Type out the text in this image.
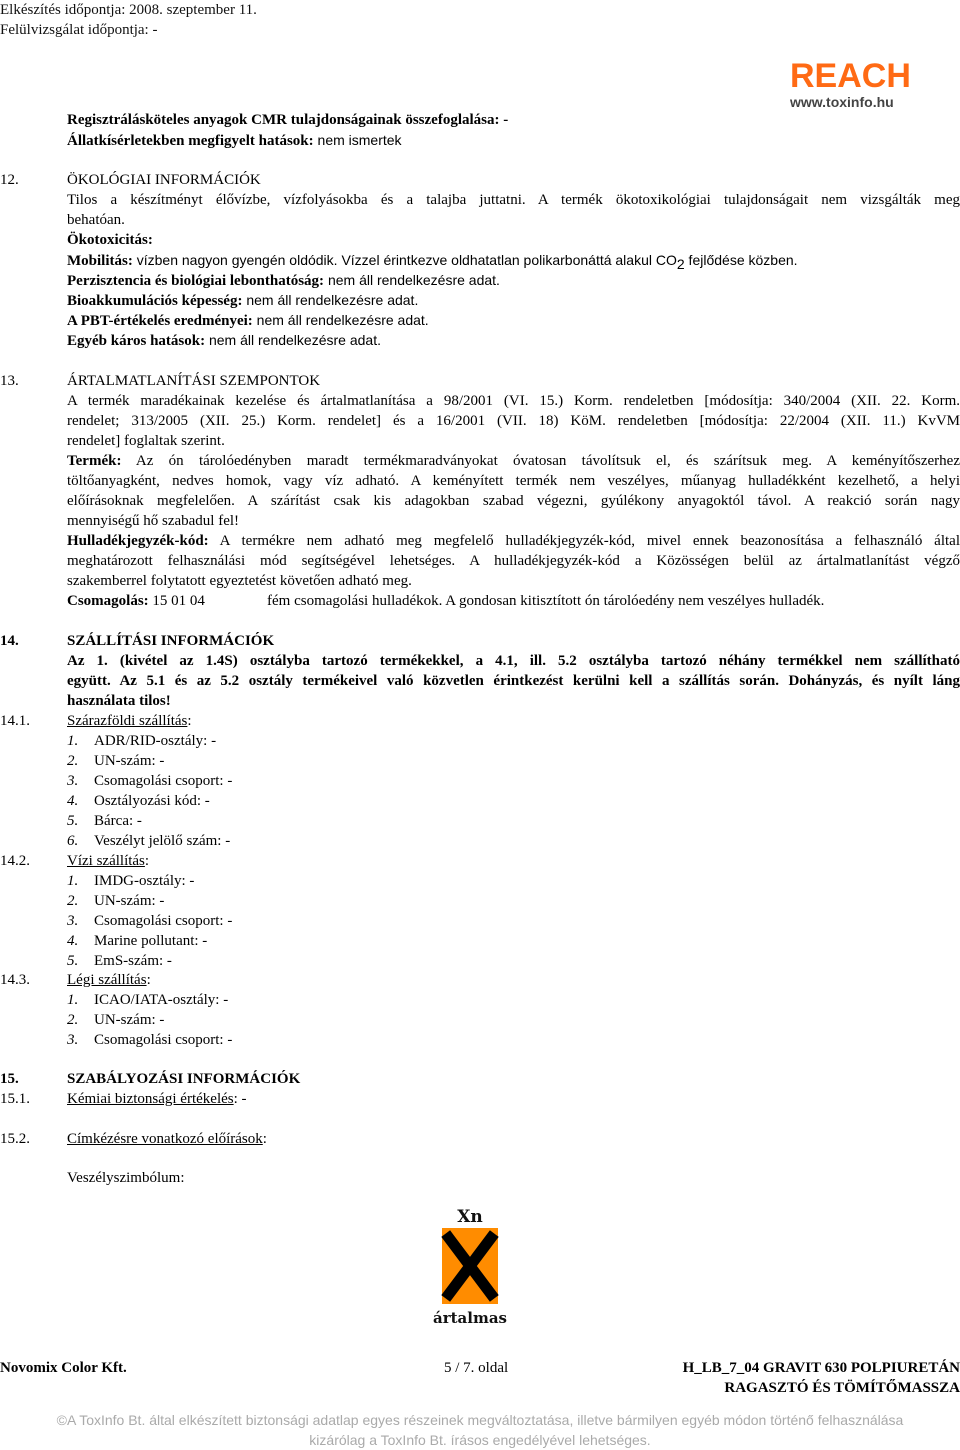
Elkészítés időpontja: 2008. szeptember 11.
Felülvizsgálat időpontja: -
REACH
www.toxinfo.hu
Regisztrálásköteles anyagok CMR tulajdonságainak összefoglalása: -
Állatkísérletekben megfigyelt hatások: nem ismertek
12.	ÖKOLÓGIAI INFORMÁCIÓK
Tilos a készítményt élővízbe, vízfolyásokba és a talajba juttatni. A termék ökotoxikológiai tulajdonságait nem vizsgálták meg
behatóan.
Ökotoxicitás:
Mobilitás: vízben nagyon gyengén oldódik. Vízzel érintkezve oldhatatlan polikarbonáttá alakul $CO_2$ fejlődése közben.
Perzisztencia és biológiai lebonthatóság: nem áll rendelkezésre adat.
Bioakkumulációs képesség: nem áll rendelkezésre adat.
A PBT-értékelés eredményei: nem áll rendelkezésre adat.
Egyéb káros hatások: nem áll rendelkezésre adat.
13.	ÁRTALMATLANÍTÁSI SZEMPONTOK
A termék maradékainak kezelése és ártalmatlanítása a 98/2001 (VI. 15.) Korm. rendeletben [módosítja: 340/2004 (XII. 22. Korm.
rendelet; 313/2005 (XII. 25.) Korm. rendelet] és a 16/2001 (VII. 18) KöM. rendeletben [módosítja: 22/2004 (XII. 11.) KvVM
rendelet] foglaltak szerint.
Termék: Az ón tárolóedényben maradt termékmaradványokat óvatosan távolítsuk el, és szárítsuk meg. A keményítőszerhez
töltőanyagként, nedves homok, vagy víz adható. A keményített termék nem veszélyes, műanyag hulladékként kezelhető, a helyi
előírásoknak megfelelően. A szárítást csak kis adagokban szabad végezni, gyúlékony anyagoktól távol. A reakció során nagy
mennyiségű hő szabadul fel!
Hulladékjegyzék-kód: A termékre nem adható meg megfelelő hulladékjegyzék-kód, mivel ennek beazonosítása a felhasználó által
meghatározott felhasználási mód segítségével lehetséges. A hulladékjegyzék-kód a Közösségen belül az ártalmatlanítást végző
szakemberrel folytatott egyeztetést követően adható meg.
Csomagolás: 15 01 04	fém csomagolási hulladékok. A gondosan kitisztított ón tárolóedény nem veszélyes hulladék.
14.	SZÁLLÍTÁSI INFORMÁCIÓK
Az 1. (kivétel az 1.4S) osztályba tartozó termékekkel, a 4.1, ill. 5.2 osztályba tartozó néhány termékkel nem szállítható
együtt. Az 5.1 és az 5.2 osztály termékeivel való közvetlen érintkezést kerülni kell a szállítás során. Dohányzás, és nyílt láng
használata tilos!
14.1. Szárazföldi szállítás:
1. ADR/RID-osztály: -
2. UN-szám: -
3. Csomagolási csoport: -
4. Osztályozási kód: -
5. Bárca: -
6. Veszélyt jelölő szám: -
14.2. Vízi szállítás:
1. IMDG-osztály: -
2. UN-szám: -
3. Csomagolási csoport: -
4. Marine pollutant: -
5. EmS-szám: -
14.3. Légi szállítás:
1. ICAO/IATA-osztály: -
2. UN-szám: -
3. Csomagolási csoport: -
15.	SZABÁLYOZÁSI INFORMÁCIÓK
15.1. Kémiai biztonsági értékelés: -
15.2. Címkézésre vonatkozó előírások:
Veszélyszimbólum:
Xn
ártalmas
Novomix Color Kft.	5 / 7. oldal	H_LB_7_04 GRAVIT 630 POLPIURETÁN
RAGASZTÓ ÉS TÖMÍTŐMASSZA
©A ToxInfo Bt. által elkészített biztonsági adatlap egyes részeinek megváltoztatása, illetve bármilyen egyéb módon történő felhasználása
kizárólag a ToxInfo Bt. írásos engedélyével lehetséges.
